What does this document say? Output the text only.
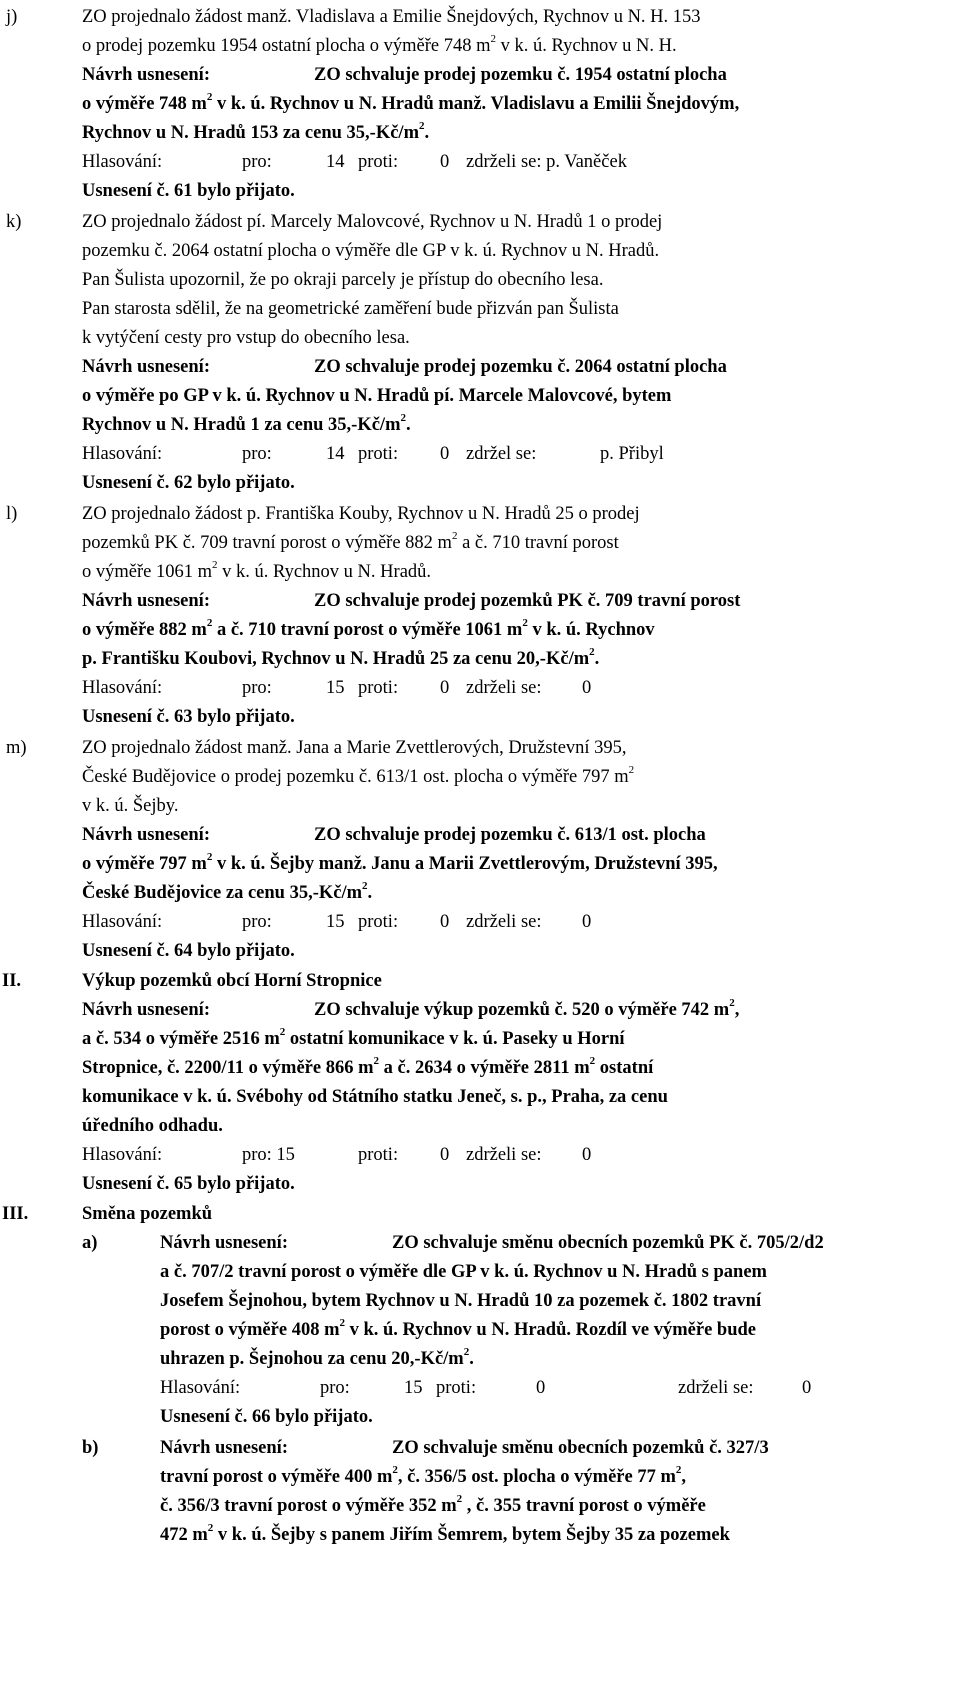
j)	ZO projednalo žádost manž. Vladislava a Emilie Šnejdových, Rychnov u N. H. 153
o prodej pozemku 1954 ostatní plocha o výměře 748 $m^2$ v k. ú. Rychnov u N. H.
Návrh usnesení:	ZO schvaluje prodej pozemku č. 1954 ostatní plocha
o výměře 748 $m^2$ v k. ú. Rychnov u N. Hradů manž. Vladislavu a Emilii Šnejdovým,
Rychnov u N. Hradů 153 za cenu $35,-Kč/m^2$.
Hlasování:	pro:	14 proti: 0 zdrželi se: p. Vaněček
Usnesení č. 61 bylo přijato.
k)	ZO projednalo žádost pí. Marcely Malovcové, Rychnov u N. Hradů 1 o prodej
pozemku č. 2064 ostatní plocha o výměře dle GP v k. ú. Rychnov u N. Hradů.
Pan Šulista upozornil, že po okraji parcely je přístup do obecního lesa.
Pan starosta sdělil, že na geometrické zaměření bude přizván pan Šulista
k vytýčení cesty pro vstup do obecního lesa.
Návrh usnesení:	ZO schvaluje prodej pozemku č. 2064 ostatní plocha
o výměře po GP v k. ú. Rychnov u N. Hradů pí. Marcele Malovcové, bytem
Rychnov u N. Hradů 1 za cenu $35,-Kč/m^2$.
Hlasování:	pro:	14 proti: 0 zdržel se:	p. Přibyl
Usnesení č. 62 bylo přijato.
l)	ZO projednalo žádost p. Františka Kouby, Rychnov u N. Hradů 25 o prodej
pozemků PK č. 709 travní porost o výměře 882 $m^2$ a č. 710 travní porost
o výměře 1061 $m^2$ v k. ú. Rychnov u N. Hradů.
Návrh usnesení:	ZO schvaluje prodej pozemků PK č. 709 travní porost
o výměře 882 $m^2$ a č. 710 travní porost o výměře 1061 $m^2$ v k. ú. Rychnov
p. Františku Koubovi, Rychnov u N. Hradů 25 za cenu $20,-Kč/m^2$.
Hlasování:	pro:	15 proti: 0 zdrželi se: 0
Usnesení č. 63 bylo přijato.
m)	ZO projednalo žádost manž. Jana a Marie Zvettlerových, Družstevní 395,
České Budějovice o prodej pozemku č. 613/1 ost. plocha o výměře 797 $m^2$
v k. ú. Šejby.
Návrh usnesení:	ZO schvaluje prodej pozemku č. 613/1 ost. plocha
o výměře 797 $m^2$ v k. ú. Šejby manž. Janu a Marii Zvettlerovým, Družstevní 395,
České Budějovice za cenu $35,-Kč/m^2$.
Hlasování:	pro:	15 proti: 0 zdrželi se: 0
Usnesení č. 64 bylo přijato.
II.	Výkup pozemků obcí Horní Stropnice
Návrh usnesení:	ZO schvaluje výkup pozemků č. 520 o výměře 742 $m^2$,
a č. 534 o výměře 2516 $m^2$ ostatní komunikace v k. ú. Paseky u Horní
Stropnice, č. 2200/11 o výměře 866 $m^2$ a č. 2634 o výměře 2811 $m^2$ ostatní
komunikace v k. ú. Svébohy od Státního statku Jeneč, s. p., Praha, za cenu
úředního odhadu.
Hlasování:	pro: 15	proti: 0 zdrželi se: 0
Usnesení č. 65 bylo přijato.
III.	Směna pozemků
a)	Návrh usnesení:	ZO schvaluje směnu obecních pozemků PK č. 705/2/d2
a č. 707/2 travní porost o výměře dle GP v k. ú. Rychnov u N. Hradů s panem
Josefem Šejnohou, bytem Rychnov u N. Hradů 10 za pozemek č. 1802 travní
porost o výměře 408 $m^2$ v k. ú. Rychnov u N. Hradů. Rozdíl ve výměře bude
uhrazen p. Šejnohou za cenu $20,-Kč/m^2$.
Hlasování:	pro:	15 proti:	0	zdrželi se:	0
Usnesení č. 66 bylo přijato.
b)	Návrh usnesení:	ZO schvaluje směnu obecních pozemků č. 327/3
travní porost o výměře 400 $m^2$, č. 356/5 ost. plocha o výměře 77 $m^2$,
č. 356/3 travní porost o výměře 352 $m^2$ , č. 355 travní porost o výměře
472 $m^2$ v k. ú. Šejby s panem Jiřím Šemrem, bytem Šejby 35 za pozemek
